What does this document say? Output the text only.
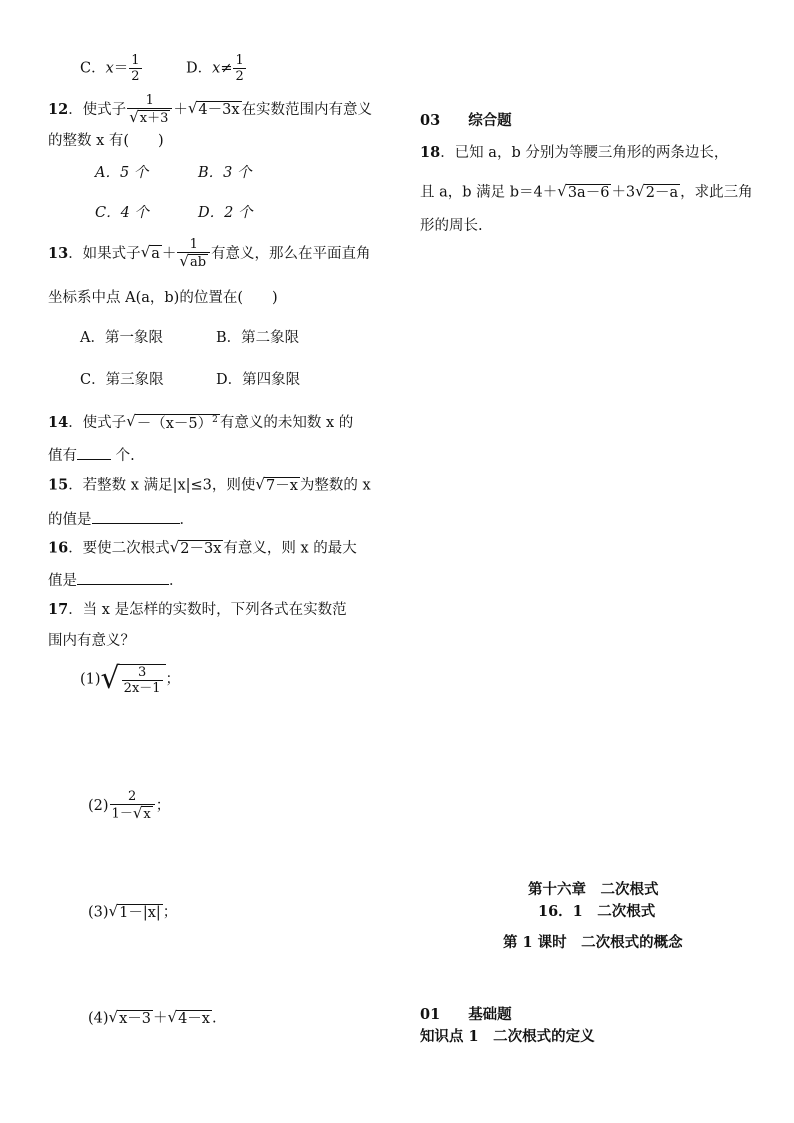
C．$x= \frac{1}{2}$	D．$x\ne \frac{1}{2}$
12．使式子 $\frac{1}{√ x+3}$ ＋ √ 4－3x 在实数范围内有意义
的整数 x 有(　　)
A．5 个	B．3 个
C．4 个	D．2 个
13．如果式子 √ $a + \frac{1}{√ ab}$ 有意义，那么在平面直角
坐标系中点 A(a，b)的位置在(　　)
A．第一象限	B．第二象限
C．第三象限	D．第四象限
14．使式子 √ $-(x-5)^2$ 有意义的未知数 x 的
值有 个.
15．若整数 x 满足|x|≤3，则使 √ 7－x 为整数的 x
的值是	．
16．要使二次根式 √ 2－3x 有意义，则 x 的最大
值是	．
17．当 x 是怎样的实数时，下列各式在实数范
围内有意义？
(1) √ $\frac{3}{2x-1}$ ；
$(2) \frac{2}{1- √ x}$ ；
(3) √ 1－|x| ；
(4) √ x－3 ＋ √ 4－x .
03 综合题
18．已知 a，b 分别为等腰三角形的两条边长，
且 a，b 满足 b＝4＋ √ 3a－6 ＋3 √ 2－a ，求此三角
形的周长.
第十六章　二次根式
16．1　二次根式
第 1 课时　二次根式的概念
01 基础题
知识点 1　二次根式的定义
